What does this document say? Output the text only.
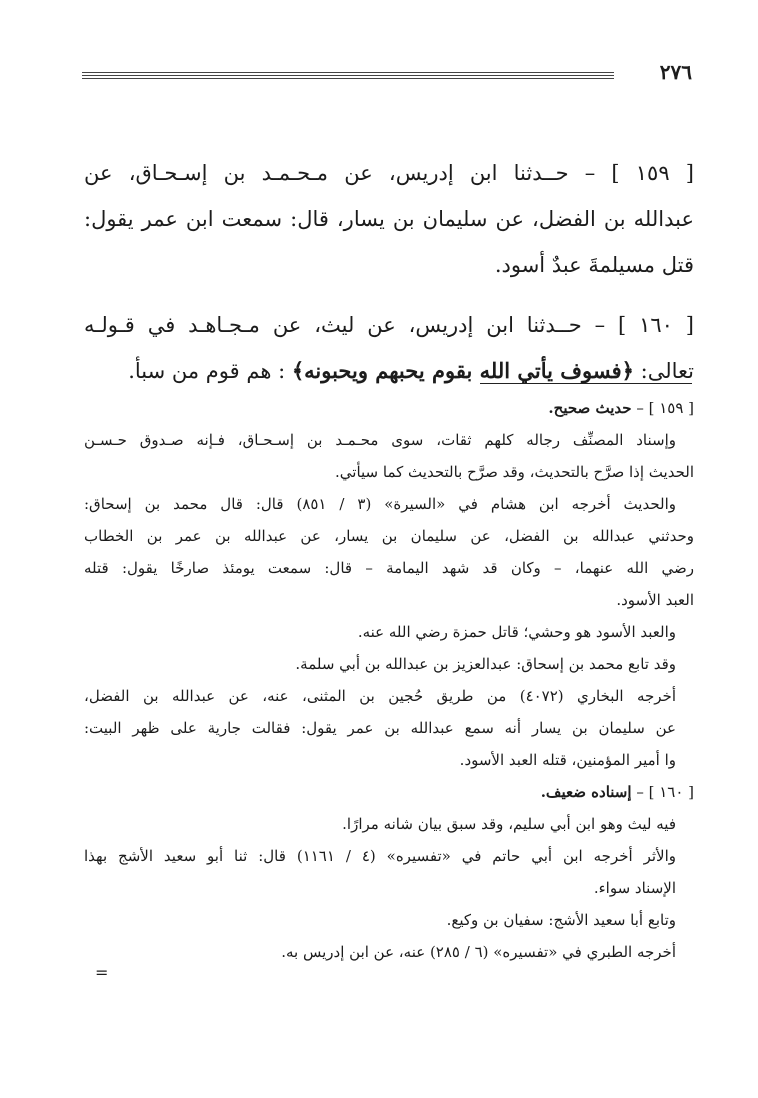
٢٧٦

[ ١٥٩ ] – حــدثنا ابن إدريس، عن مـحـمـد بن إسـحـاق، عن
عبدالله بن الفضل، عن سليمان بن يسار، قال: سمعت ابن عمر يقول:
قتل مسيلمةَ عبدٌ أسود.

[ ١٦٠ ] – حــدثنا ابن إدريس، عن ليث، عن مـجـاهـد في قـولـه
تعالى: ﴿فسوف يأتي الله بقوم يحبهم ويحبونه﴾ : هم قوم من سبأ.

[ ١٥٩ ] – حديث صحيح.
وإسناد المصنِّف رجاله كلهم ثقات، سوى محـمـد بن إسـحـاق، فـإنه صـدوق حـسـن
الحديث إذا صرَّح بالتحديث، وقد صرَّح بالتحديث كما سيأتي.
والحديث أخرجه ابن هشام في «السيرة» (٣ / ٨٥١) قال: قال محمد بن إسحاق:
وحدثني عبدالله بن الفضل، عن سليمان بن يسار، عن عبدالله بن عمر بن الخطاب
رضي الله عنهما، – وكان قد شهد اليمامة – قال: سمعت يومئذ صارخًا يقول: قتله
العبد الأسود.
والعبد الأسود هو وحشي؛ قاتل حمزة رضي الله عنه.
وقد تابع محمد بن إسحاق: عبدالعزيز بن عبدالله بن أبي سلمة.
أخرجه البخاري (٤٠٧٢) من طريق حُجين بن المثنى، عنه، عن عبدالله بن الفضل،
عن سليمان بن يسار أنه سمع عبدالله بن عمر يقول: فقالت جارية على ظهر البيت:
وا أمير المؤمنين، قتله العبد الأسود.
[ ١٦٠ ] – إسناده ضعيف.
فيه ليث وهو ابن أبي سليم، وقد سبق بيان شانه مرارًا.
والأثر أخرجه ابن أبي حاتم في «تفسيره» (٤ / ١١٦١) قال: ثنا أبو سعيد الأشج بهذا
الإسناد سواء.
وتابع أبا سعيد الأشج: سفيان بن وكيع.
أخرجه الطبري في «تفسيره» (٦ / ٢٨٥) عنه، عن ابن إدريس به.
=
